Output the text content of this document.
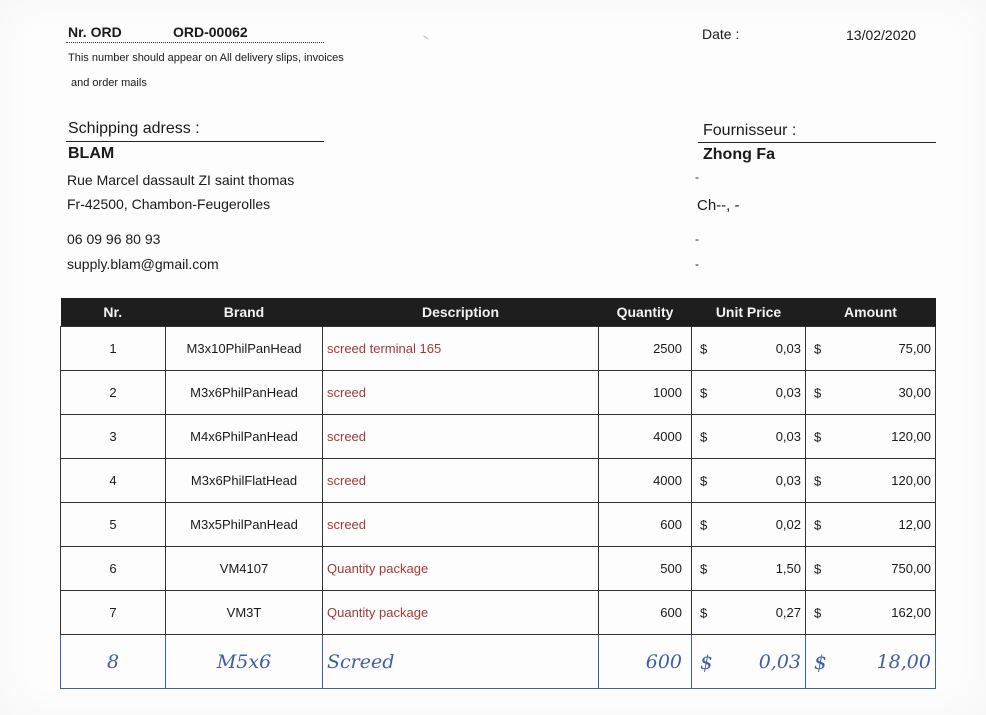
Nr. ORD	ORD-00062
This number should appear on All delivery slips, invoices
and order mails
Date :	13/02/2020
Schipping adress :
BLAM
Rue Marcel dassault ZI saint thomas
Fr-42500, Chambon-Feugerolles
06 09 96 80 93
supply.blam@gmail.com
Fournisseur :
Zhong Fa
-
Ch--, -
-
-
Nr.	Brand	Description	Quantity	Unit Price	Amount
1	M3x10PhilPanHead	screed terminal 165	2500	$ 0,03	$ 75,00
2	M3x6PhilPanHead	screed	1000	$ 0,03	$ 30,00
3	M4x6PhilPanHead	screed	4000	$ 0,03	$ 120,00
4	M3x6PhilFlatHead	screed	4000	$ 0,03	$ 120,00
5	M3x5PhilPanHead	screed	600	$ 0,02	$ 12,00
6	VM4107	Quantity package	500	$ 1,50	$ 750,00
7	VM3T	Quantity package	600	$ 0,27	$ 162,00
8	M5x6	Screed	600	$ 0,03	$ 18,00
